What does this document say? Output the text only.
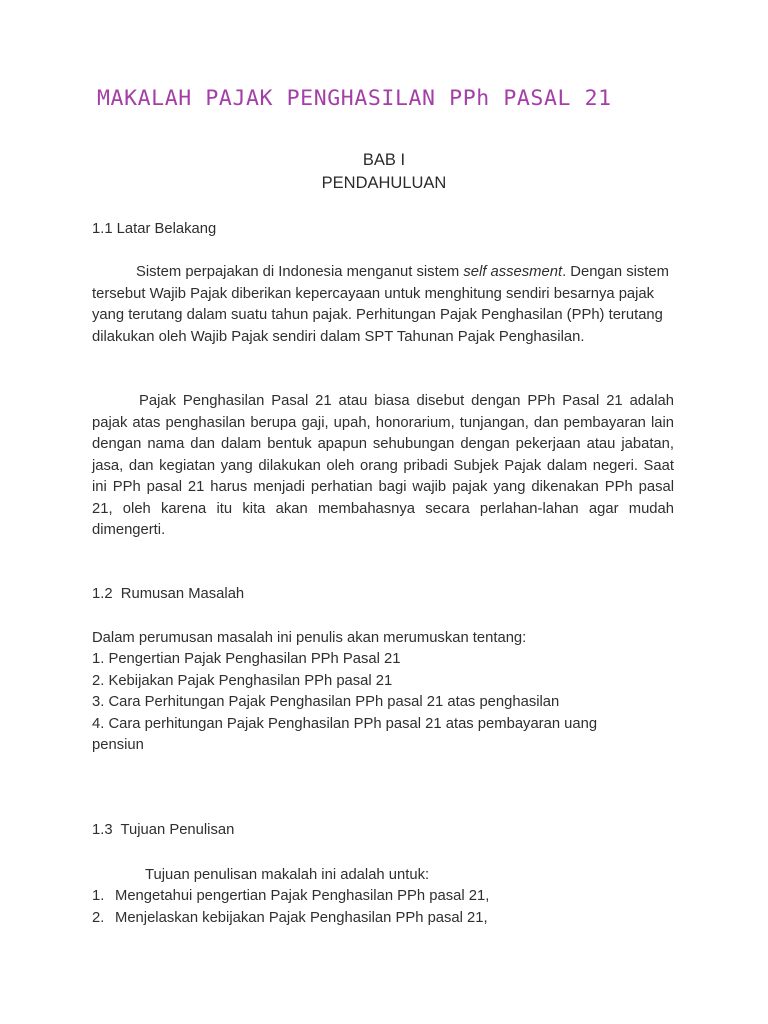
MAKALAH PAJAK PENGHASILAN PPh PASAL 21
BAB I
PENDAHULUAN
1.1 Latar Belakang

Sistem perpajakan di Indonesia menganut sistem self assesment. Dengan sistem tersebut Wajib Pajak diberikan kepercayaan untuk menghitung sendiri besarnya pajak yang terutang dalam suatu tahun pajak. Perhitungan Pajak Penghasilan (PPh) terutang dilakukan oleh Wajib Pajak sendiri dalam SPT Tahunan Pajak Penghasilan.

Pajak Penghasilan Pasal 21 atau biasa disebut dengan PPh Pasal 21 adalah pajak atas penghasilan berupa gaji, upah, honorarium, tunjangan, dan pembayaran lain dengan nama dan dalam bentuk apapun sehubungan dengan pekerjaan atau jabatan, jasa, dan kegiatan yang dilakukan oleh orang pribadi Subjek Pajak dalam negeri. Saat ini PPh pasal 21 harus menjadi perhatian bagi wajib pajak yang dikenakan PPh pasal 21, oleh karena itu kita akan membahasnya secara perlahan-lahan agar mudah dimengerti.

1.2  Rumusan Masalah
Dalam perumusan masalah ini penulis akan merumuskan tentang:
1. Pengertian Pajak Penghasilan PPh Pasal 21
2. Kebijakan Pajak Penghasilan PPh pasal 21
3. Cara Perhitungan Pajak Penghasilan PPh pasal 21 atas penghasilan
4. Cara perhitungan Pajak Penghasilan PPh pasal 21 atas pembayaran uang
pensiun
1.3  Tujuan Penulisan
Tujuan penulisan makalah ini adalah untuk:
1. Mengetahui pengertian Pajak Penghasilan PPh pasal 21,
2. Menjelaskan kebijakan Pajak Penghasilan PPh pasal 21,
